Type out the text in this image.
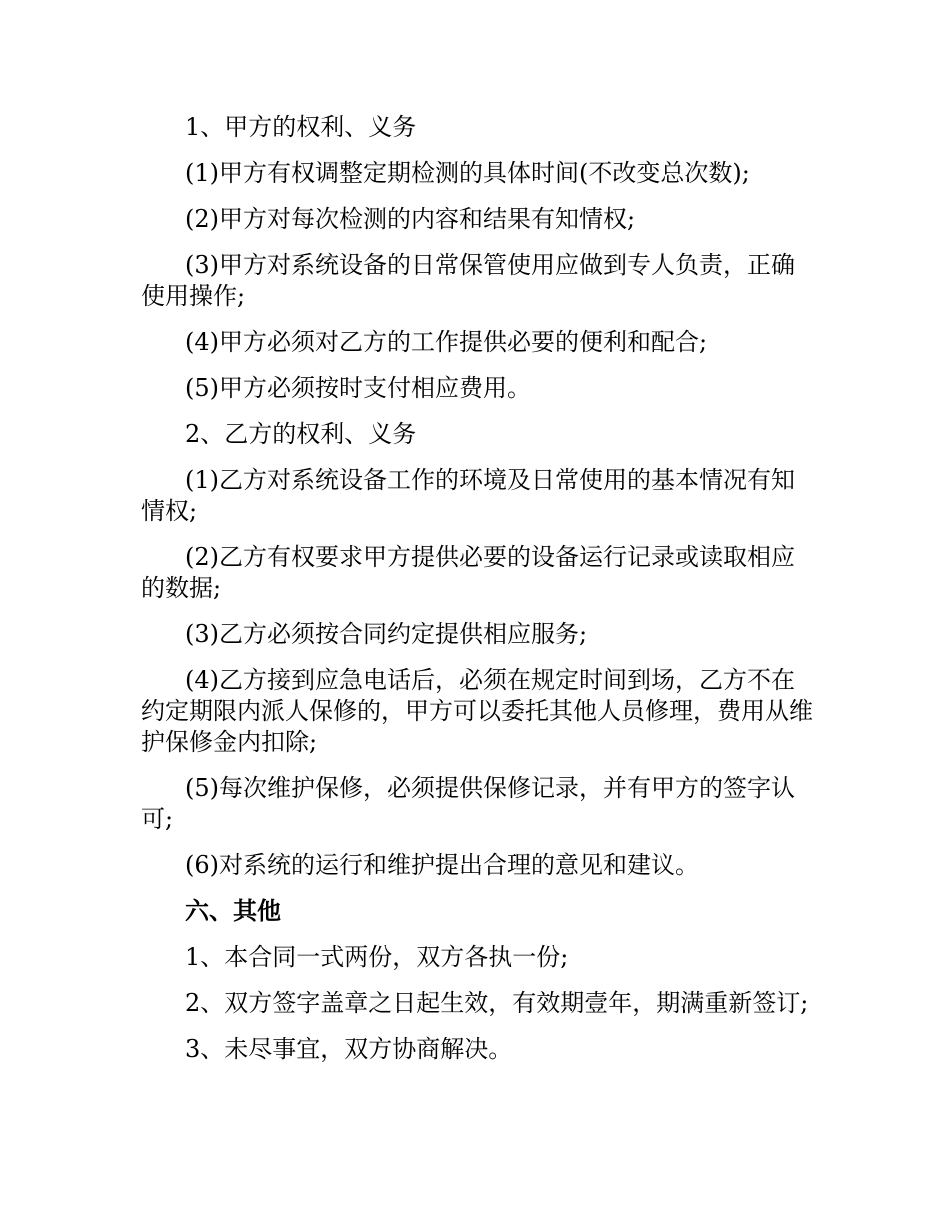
1、甲方的权利、义务

(1)甲方有权调整定期检测的具体时间(不改变总次数);

(2)甲方对每次检测的内容和结果有知情权;

(3)甲方对系统设备的日常保管使用应做到专人负责，正确使用操作;

(4)甲方必须对乙方的工作提供必要的便利和配合;

(5)甲方必须按时支付相应费用。

2、乙方的权利、义务

(1)乙方对系统设备工作的环境及日常使用的基本情况有知情权;

(2)乙方有权要求甲方提供必要的设备运行记录或读取相应的数据;

(3)乙方必须按合同约定提供相应服务;

(4)乙方接到应急电话后，必须在规定时间到场，乙方不在约定期限内派人保修的，甲方可以委托其他人员修理，费用从维护保修金内扣除;

(5)每次维护保修，必须提供保修记录，并有甲方的签字认可;

(6)对系统的运行和维护提出合理的意见和建议。

六、其他

1、本合同一式两份，双方各执一份;

2、双方签字盖章之日起生效，有效期壹年，期满重新签订;

3、未尽事宜，双方协商解决。
